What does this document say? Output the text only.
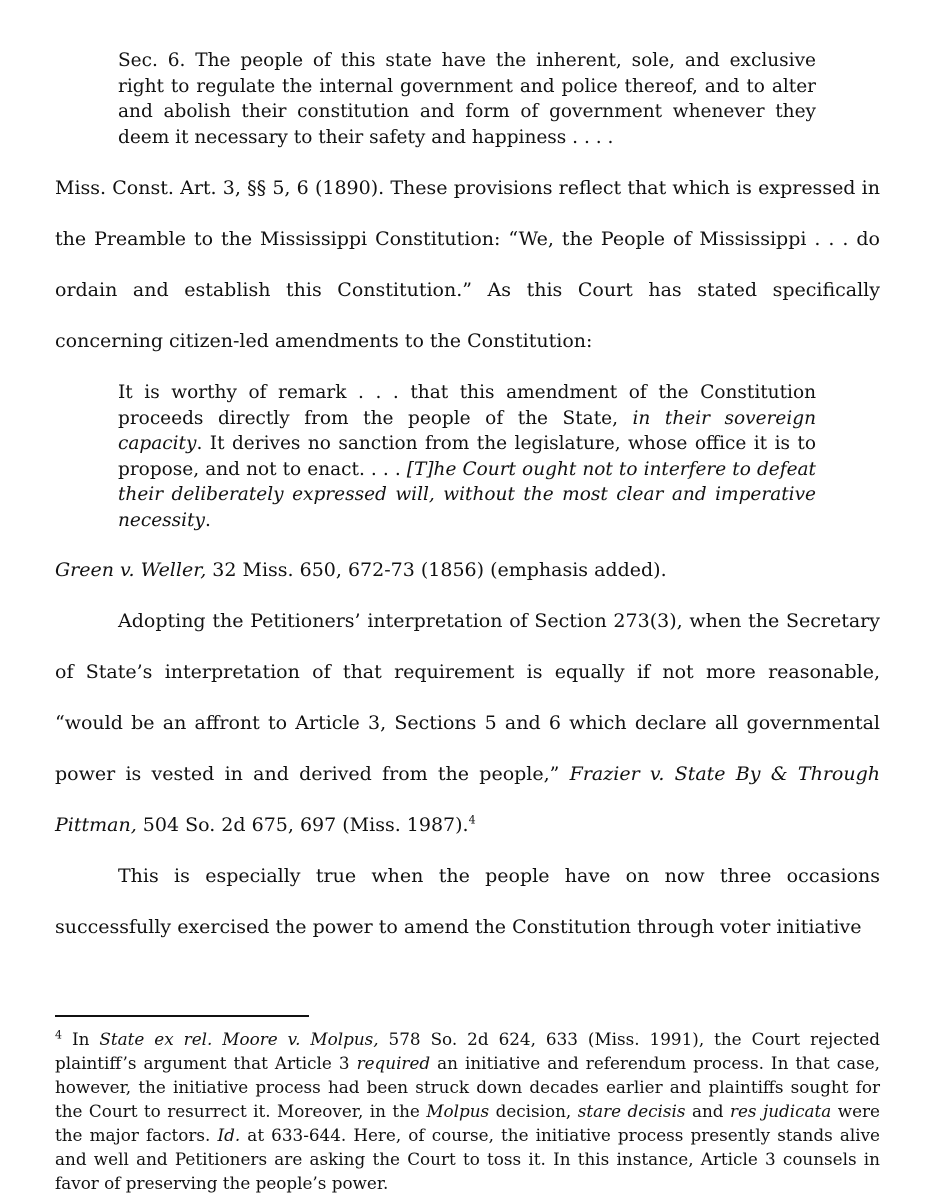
Sec. 6. The people of this state have the inherent, sole, and exclusive right to regulate the internal government and police thereof, and to alter and abolish their constitution and form of government whenever they deem it necessary to their safety and happiness . . . .

Miss. Const. Art. 3, §§ 5, 6 (1890). These provisions reflect that which is expressed in the Preamble to the Mississippi Constitution: “We, the People of Mississippi . . . do ordain and establish this Constitution.” As this Court has stated specifically concerning citizen-led amendments to the Constitution:

It is worthy of remark . . . that this amendment of the Constitution proceeds directly from the people of the State, in their sovereign capacity. It derives no sanction from the legislature, whose office it is to propose, and not to enact. . . . [T]he Court ought not to interfere to defeat their deliberately expressed will, without the most clear and imperative necessity.

Green v. Weller, 32 Miss. 650, 672-73 (1856) (emphasis added).

Adopting the Petitioners’ interpretation of Section 273(3), when the Secretary of State’s interpretation of that requirement is equally if not more reasonable, “would be an affront to Article 3, Sections 5 and 6 which declare all governmental power is vested in and derived from the people,” Frazier v. State By & Through Pittman, 504 So. 2d 675, 697 (Miss. 1987).$^4$

This is especially true when the people have on now three occasions successfully exercised the power to amend the Constitution through voter initiative

$^4$ In State ex rel. Moore v. Molpus, 578 So. 2d 624, 633 (Miss. 1991), the Court rejected plaintiff’s argument that Article 3 required an initiative and referendum process. In that case, however, the initiative process had been struck down decades earlier and plaintiffs sought for the Court to resurrect it. Moreover, in the Molpus decision, stare decisis and res judicata were the major factors. Id. at 633-644. Here, of course, the initiative process presently stands alive and well and Petitioners are asking the Court to toss it. In this instance, Article 3 counsels in favor of preserving the people’s power.
